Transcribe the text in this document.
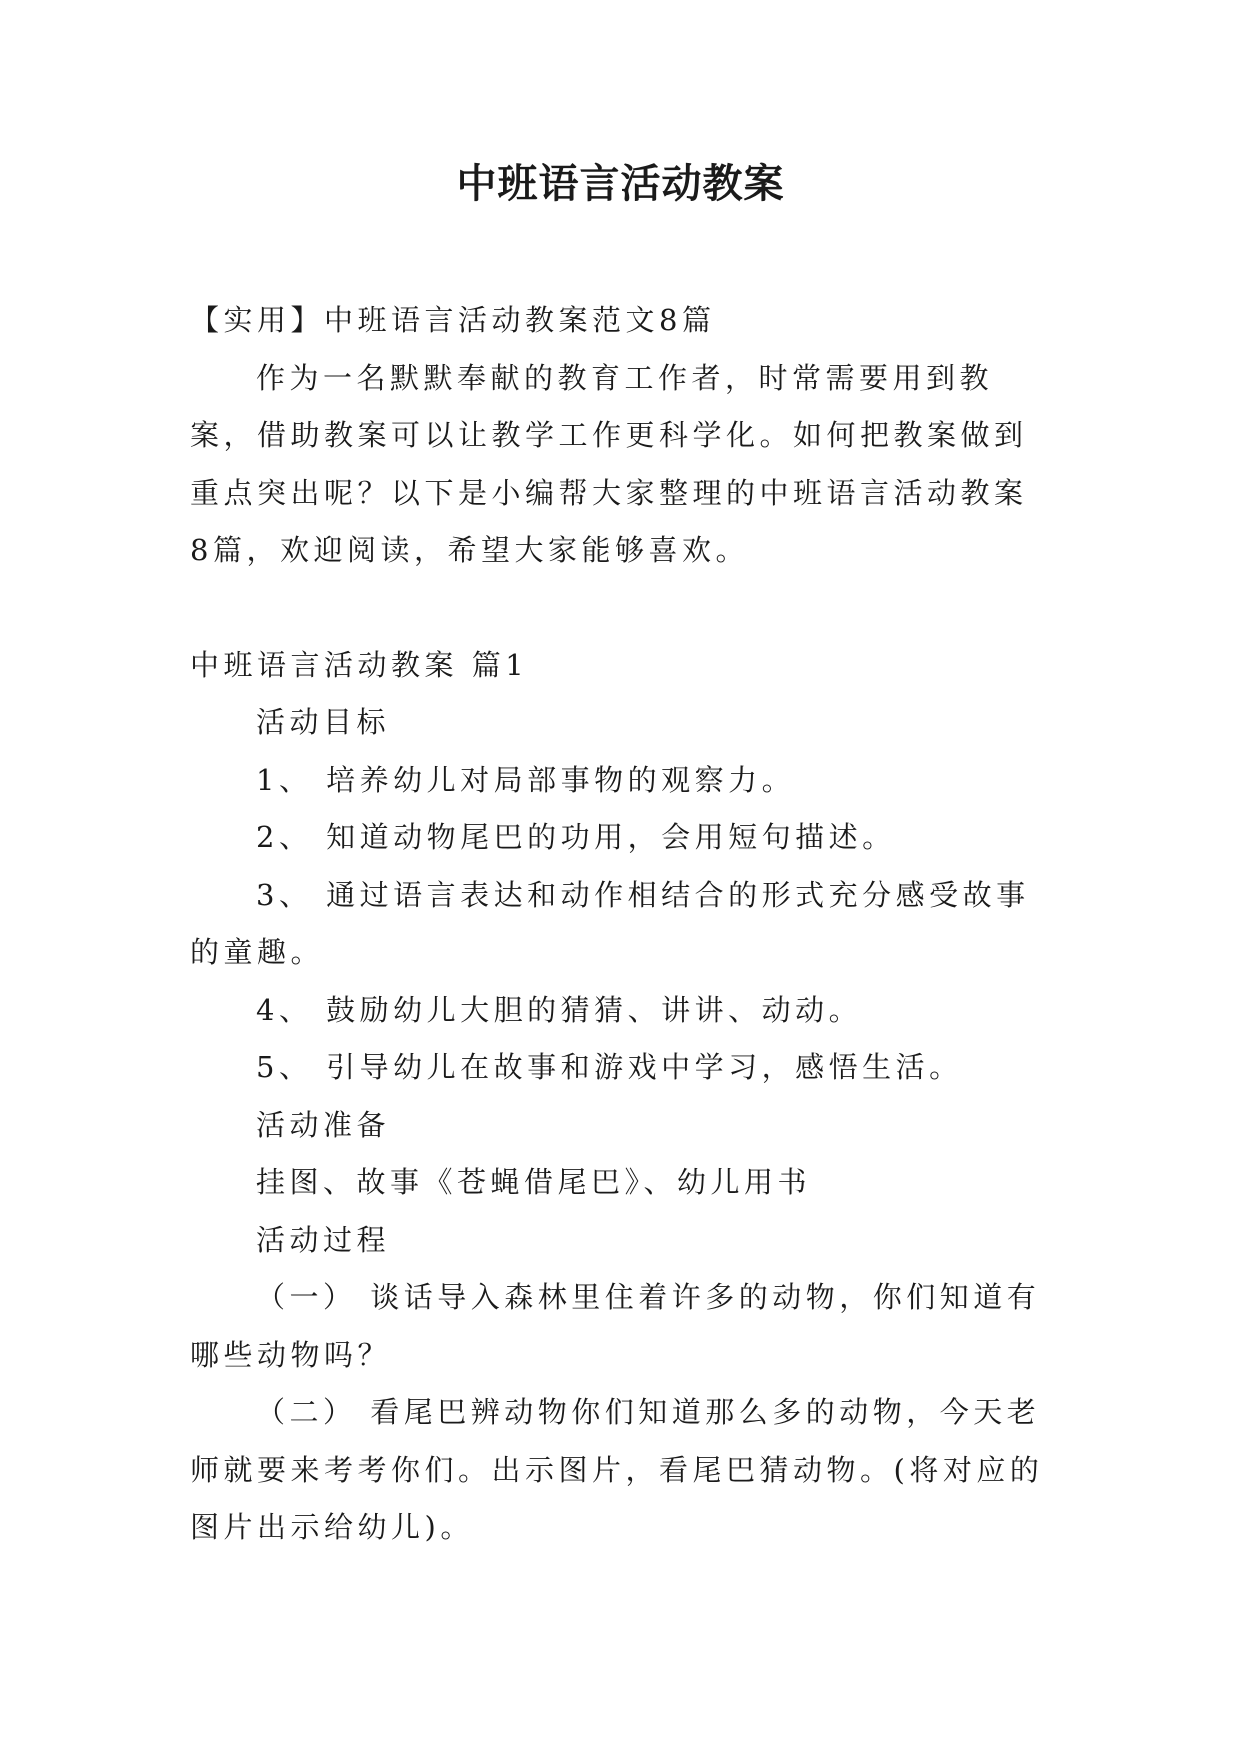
中班语言活动教案

【实用】中班语言活动教案范文8篇

作为一名默默奉献的教育工作者，时常需要用到教案，借助教案可以让教学工作更科学化。如何把教案做到重点突出呢？以下是小编帮大家整理的中班语言活动教案8篇，欢迎阅读，希望大家能够喜欢。

中班语言活动教案 篇1

活动目标

1、 培养幼儿对局部事物的观察力。

2、 知道动物尾巴的功用，会用短句描述。

3、 通过语言表达和动作相结合的形式充分感受故事的童趣。

4、 鼓励幼儿大胆的猜猜、讲讲、动动。

5、 引导幼儿在故事和游戏中学习，感悟生活。

活动准备

挂图、故事《苍蝇借尾巴》、幼儿用书

活动过程

（一） 谈话导入森林里住着许多的动物，你们知道有哪些动物吗？

（二） 看尾巴辨动物你们知道那么多的动物，今天老师就要来考考你们。出示图片，看尾巴猜动物。(将对应的图片出示给幼儿)。
